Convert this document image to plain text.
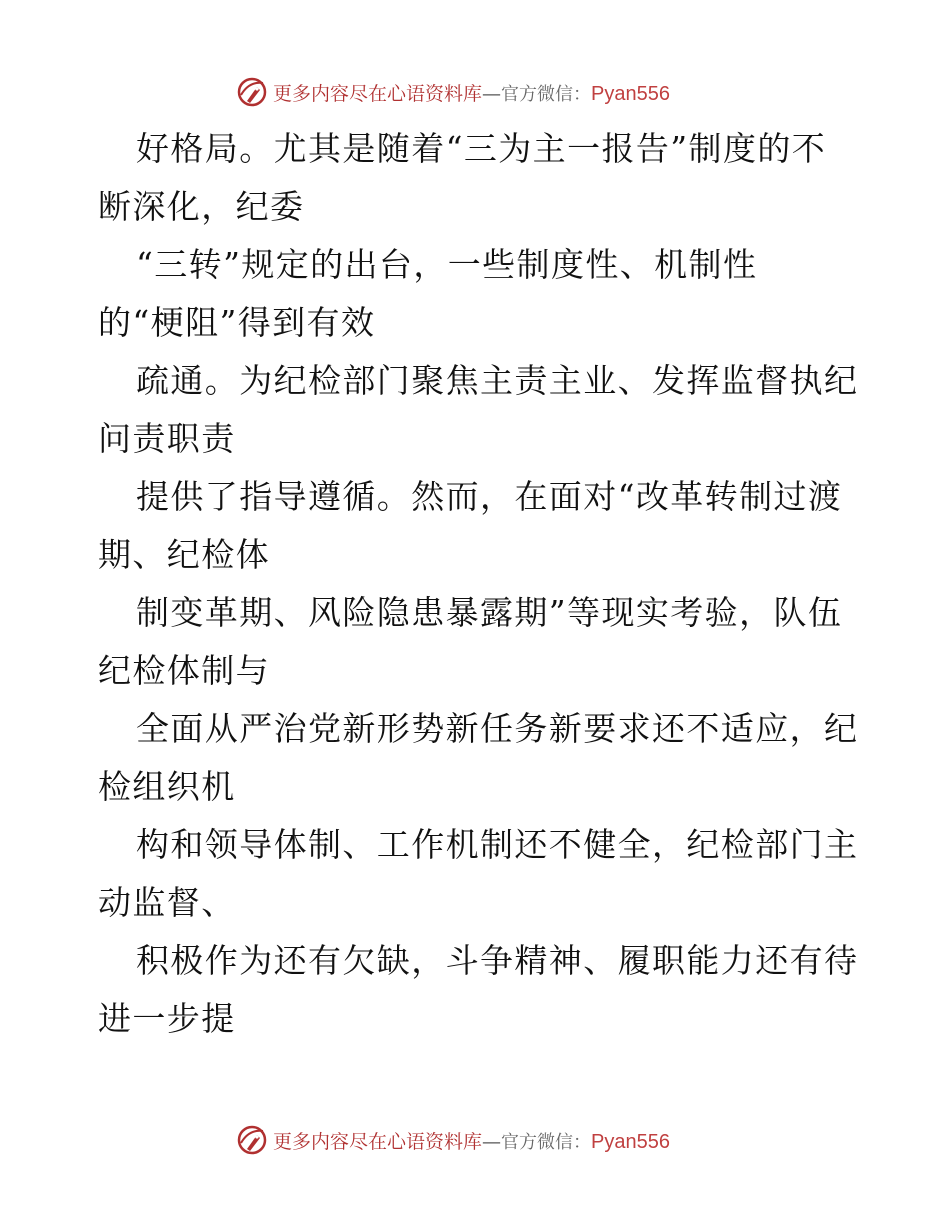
更多内容尽在心语资料库—官方微信：Pyan556
好格局。尤其是随着“三为主一报告”制度的不
断深化，纪委
“三转”规定的出台，一些制度性、机制性
的“梗阻”得到有效
疏通。为纪检部门聚焦主责主业、发挥监督执纪
问责职责
提供了指导遵循。然而，在面对“改革转制过渡
期、纪检体
制变革期、风险隐患暴露期”等现实考验，队伍
纪检体制与
全面从严治党新形势新任务新要求还不适应，纪
检组织机
构和领导体制、工作机制还不健全，纪检部门主
动监督、
积极作为还有欠缺，斗争精神、履职能力还有待
进一步提
更多内容尽在心语资料库—官方微信：Pyan556
